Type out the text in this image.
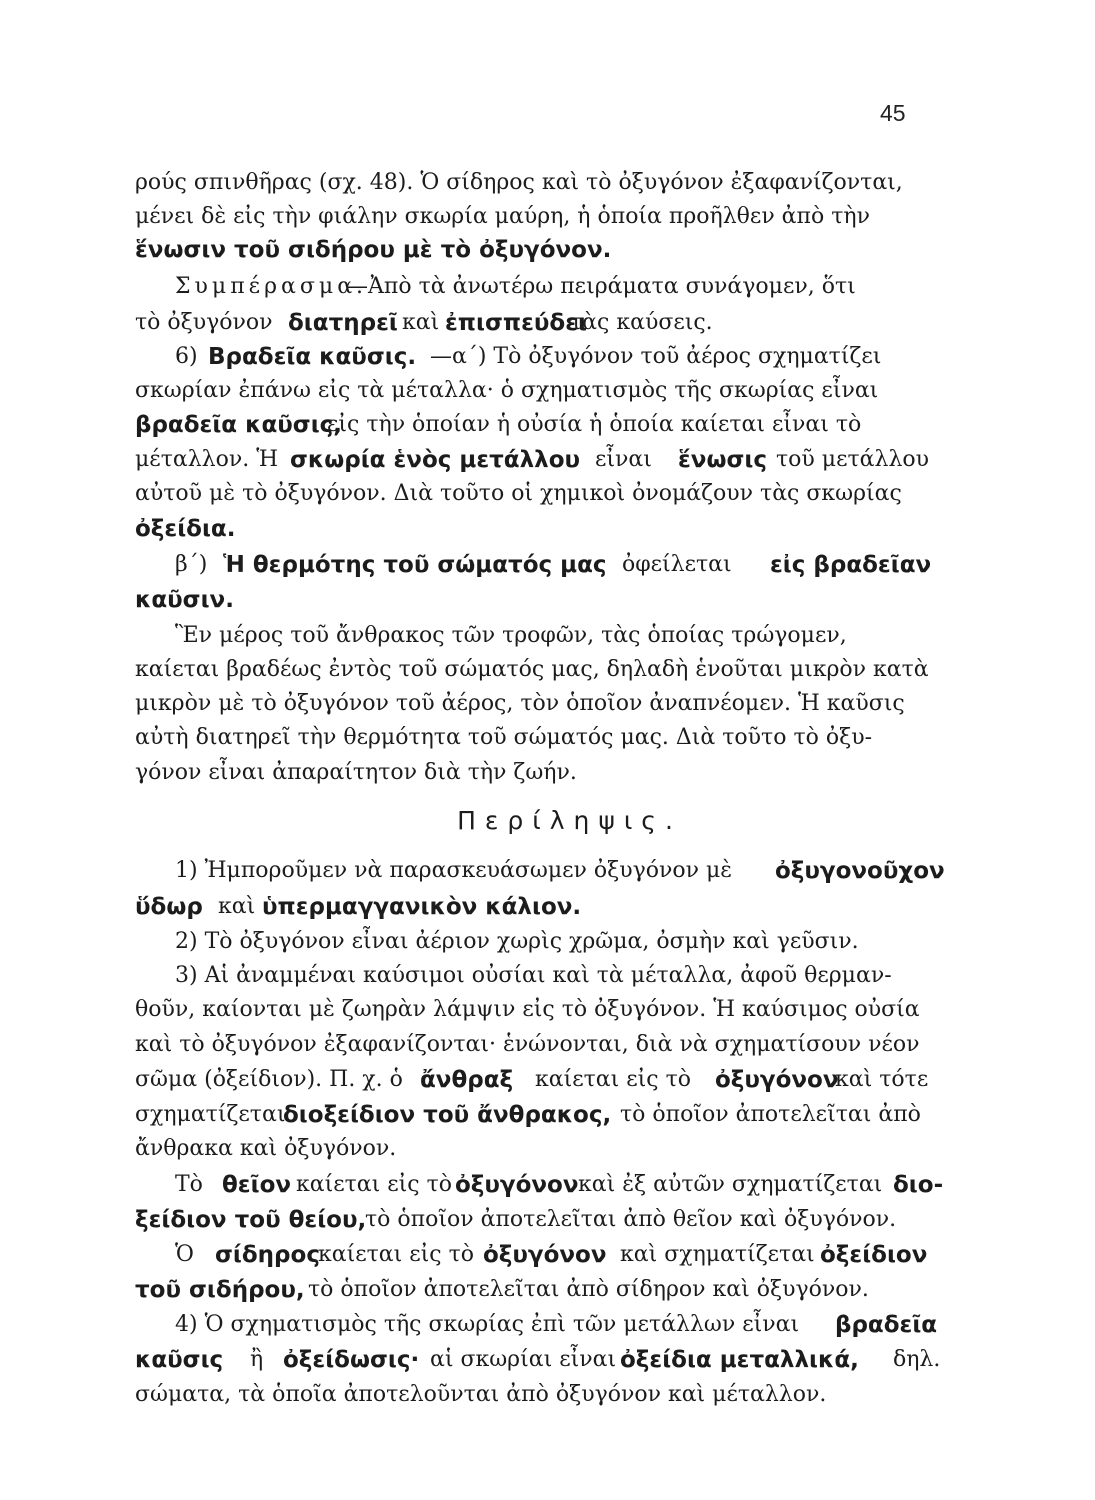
45
ρούς σπινθῆρας (σχ. 48). Ὁ σίδηρος καὶ τὸ ὀξυγόνον ἐξαφανίζονται,
μένει δὲ εἰς τὴν φιάλην σκωρία μαύρη, ἡ ὁποία προῆλθεν ἀπὸ τὴν
ἕνωσιν τοῦ σιδήρου μὲ τὸ ὀξυγόνον.
Συμπέρασμα.
—Ἀπὸ τὰ ἀνωτέρω πειράματα συνάγομεν, ὅτι
τὸ ὀξυγόνον διατηρεῖ καὶ ἐπισπεύδει
τὰς καύσεις.
6) Βραδεῖα καῦσις. —α΄) Τὸ ὀξυγόνον τοῦ ἀέρος σχηματίζει
σκωρίαν ἐπάνω εἰς τὰ μέταλλα· ὁ σχηματισμὸς τῆς σκωρίας εἶναι
βραδεῖα καῦσις,
εἰς τὴν ὁποίαν ἡ οὐσία ἡ ὁποία καίεται εἶναι τὸ
μέταλλον. Ἡ σκωρία ἑνὸς μετάλλου εἶναι ἕνωσις τοῦ μετάλλου
αὐτοῦ μὲ τὸ ὀξυγόνον. Διὰ τοῦτο οἱ χημικοὶ ὀνομάζουν τὰς σκωρίας
ὀξείδια.
β΄) Ἡ θερμότης τοῦ σώματός μας ὀφείλεται εἰς βραδεῖαν
καῦσιν.
Ἓν μέρος τοῦ ἄνθρακος τῶν τροφῶν, τὰς ὁποίας τρώγομεν,
καίεται βραδέως ἐντὸς τοῦ σώματός μας, δηλαδὴ ἑνοῦται μικρὸν κατὰ
μικρὸν μὲ τὸ ὀξυγόνον τοῦ ἀέρος, τὸν ὁποῖον ἀναπνέομεν. Ἡ καῦσις
αὐτὴ διατηρεῖ τὴν θερμότητα τοῦ σώματός μας. Διὰ τοῦτο τὸ ὀξυ-
γόνον εἶναι ἀπαραίτητον διὰ τὴν ζωήν.
Περίληψις.
1) Ἠμποροῦμεν νὰ παρασκευάσωμεν ὀξυγόνον μὲ ὀξυγονοῦχον
ὕδωρ καὶ ὑπερμαγγανικὸν κάλιον.
2) Τὸ ὀξυγόνον εἶναι ἀέριον χωρὶς χρῶμα, ὀσμὴν καὶ γεῦσιν.
3) Αἱ ἀναμμέναι καύσιμοι οὐσίαι καὶ τὰ μέταλλα, ἀφοῦ θερμαν-
θοῦν, καίονται μὲ ζωηρὰν λάμψιν εἰς τὸ ὀξυγόνον. Ἡ καύσιμος οὐσία
καὶ τὸ ὀξυγόνον ἐξαφανίζονται· ἑνώνονται, διὰ νὰ σχηματίσουν νέον
σῶμα (ὀξείδιον). Π. χ. ὁ ἄνθραξ καίεται εἰς τὸ ὀξυγόνον
καὶ τότε
σχηματίζεται
διοξείδιον τοῦ ἄνθρακος, τὸ ὁποῖον ἀποτελεῖται ἀπὸ
ἄνθρακα καὶ ὀξυγόνον.
Τὸ θεῖον καίεται εἰς τὸ ὀξυγόνον καὶ ἐξ αὐτῶν σχηματίζεται διο-
ξείδιον τοῦ θείου,
τὸ ὁποῖον ἀποτελεῖται ἀπὸ θεῖον καὶ ὀξυγόνον.
Ὁ σίδηρος
καίεται εἰς τὸ ὀξυγόνον καὶ σχηματίζεται ὀξείδιον
τοῦ σιδήρου, τὸ ὁποῖον ἀποτελεῖται ἀπὸ σίδηρον καὶ ὀξυγόνον.
4) Ὁ σχηματισμὸς τῆς σκωρίας ἐπὶ τῶν μετάλλων εἶναι βραδεῖα
καῦσις ἢ ὀξείδωσις· αἱ σκωρίαι εἶναι ὀξείδια μεταλλικά, δηλ.
σώματα, τὰ ὁποῖα ἀποτελοῦνται ἀπὸ ὀξυγόνον καὶ μέταλλον.
